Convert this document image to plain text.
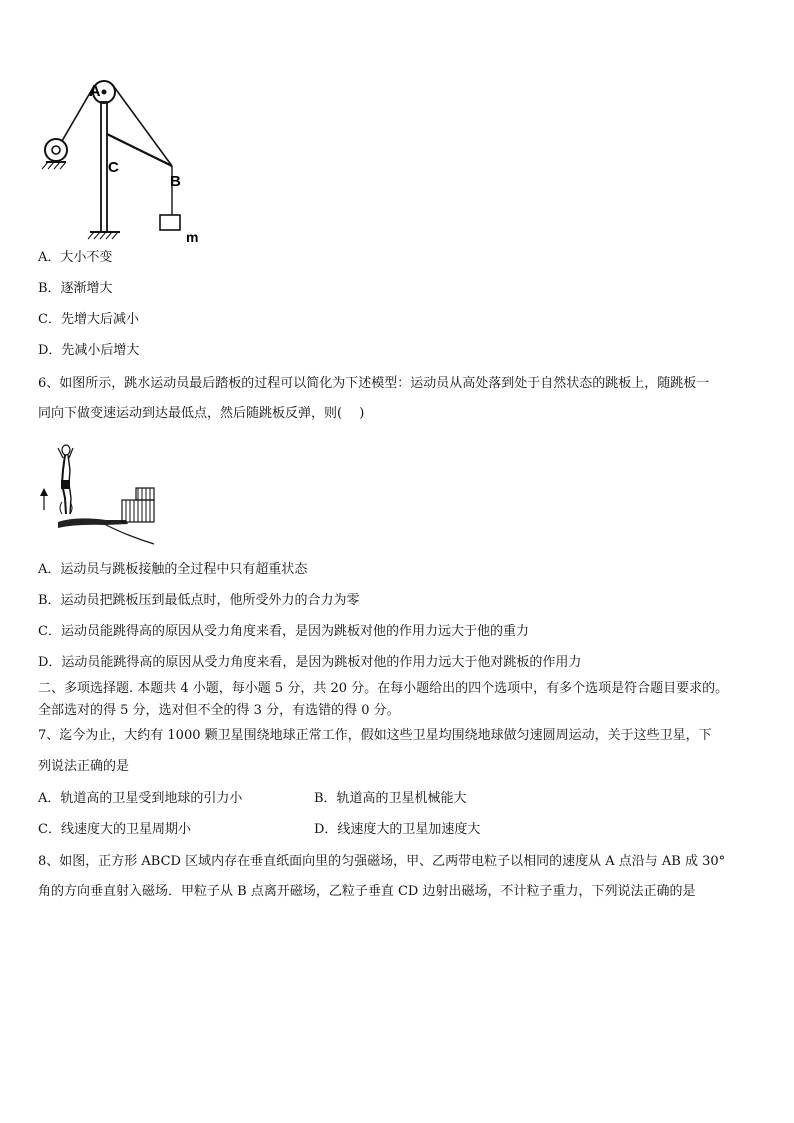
A
C
B
m
A．大小不变
B．逐渐增大
C．先增大后减小
D．先减小后增大
6、如图所示，跳水运动员最后踏板的过程可以简化为下述模型：运动员从高处落到处于自然状态的跳板上，随跳板一
同向下做变速运动到达最低点，然后随跳板反弹，则(　 )
A．运动员与跳板接触的全过程中只有超重状态
B．运动员把跳板压到最低点时，他所受外力的合力为零
C．运动员能跳得高的原因从受力角度来看，是因为跳板对他的作用力远大于他的重力
D．运动员能跳得高的原因从受力角度来看，是因为跳板对他的作用力远大于他对跳板的作用力
二、多项选择题. 本题共 4 小题，每小题 5 分，共 20 分。在每小题给出的四个选项中，有多个选项是符合题目要求的。
全部选对的得 5 分，选对但不全的得 3 分，有选错的得 0 分。
7、迄今为止，大约有 1000 颗卫星围绕地球正常工作，假如这些卫星均围绕地球做匀速圆周运动，关于这些卫星，下
列说法正确的是
A．轨道高的卫星受到地球的引力小	B．轨道高的卫星机械能大
C．线速度大的卫星周期小	D．线速度大的卫星加速度大
8、如图，正方形 ABCD 区域内存在垂直纸面向里的匀强磁场，甲、乙两带电粒子以相同的速度从 A 点沿与 AB 成 30°
角的方向垂直射入磁场．甲粒子从 B 点离开磁场，乙粒子垂直 CD 边射出磁场，不计粒子重力，下列说法正确的是
